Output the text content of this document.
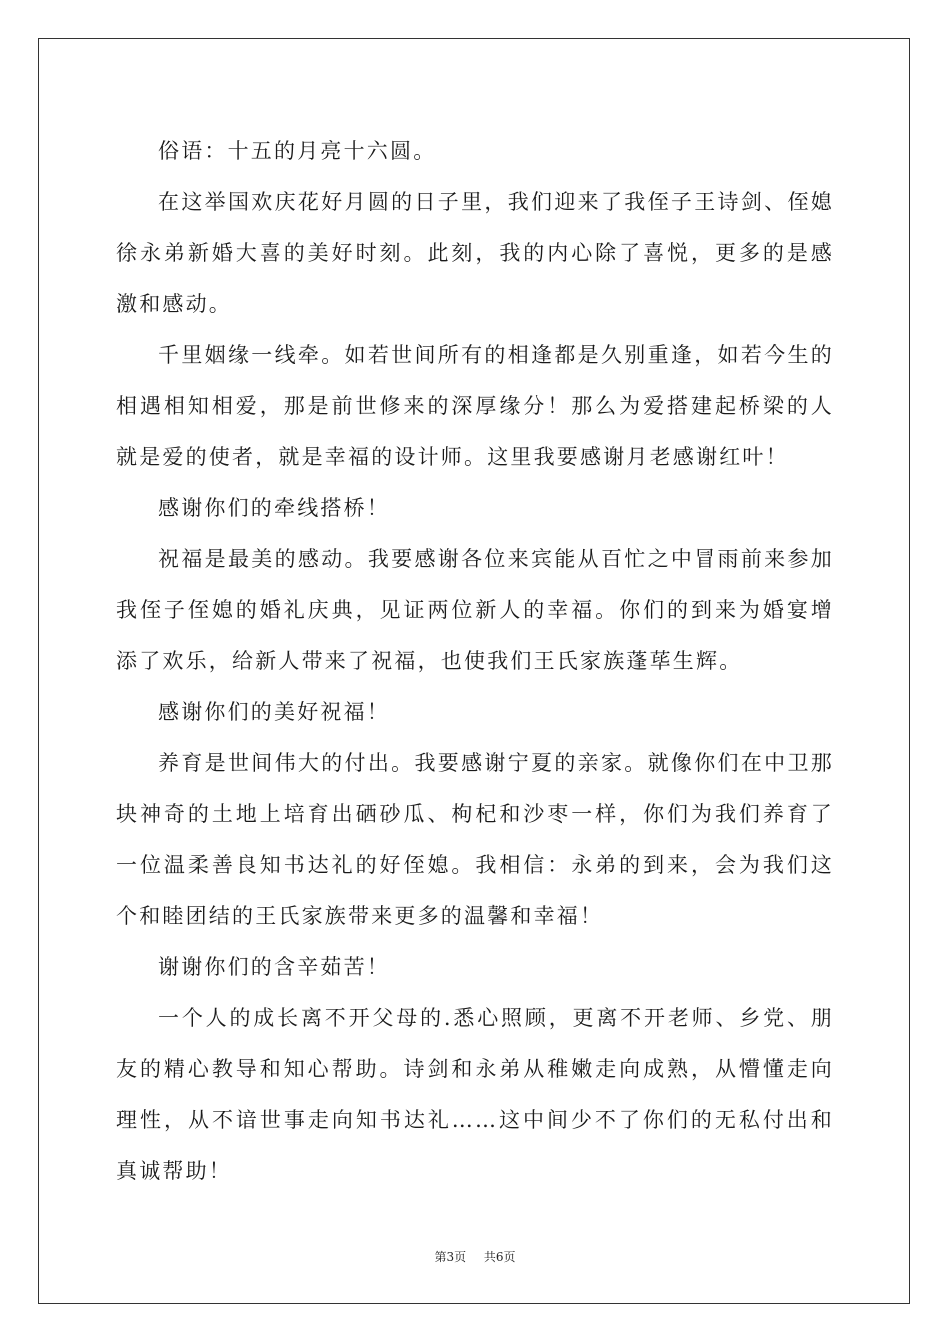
俗语：十五的月亮十六圆。

在这举国欢庆花好月圆的日子里，我们迎来了我侄子王诗剑、侄媳徐永弟新婚大喜的美好时刻。此刻，我的内心除了喜悦，更多的是感激和感动。

千里姻缘一线牵。如若世间所有的相逢都是久别重逢，如若今生的相遇相知相爱，那是前世修来的深厚缘分！那么为爱搭建起桥梁的人就是爱的使者，就是幸福的设计师。这里我要感谢月老感谢红叶！

感谢你们的牵线搭桥！

祝福是最美的感动。我要感谢各位来宾能从百忙之中冒雨前来参加我侄子侄媳的婚礼庆典，见证两位新人的幸福。你们的到来为婚宴增添了欢乐，给新人带来了祝福，也使我们王氏家族蓬荜生辉。

感谢你们的美好祝福！

养育是世间伟大的付出。我要感谢宁夏的亲家。就像你们在中卫那块神奇的土地上培育出硒砂瓜、枸杞和沙枣一样，你们为我们养育了一位温柔善良知书达礼的好侄媳。我相信：永弟的到来，会为我们这个和睦团结的王氏家族带来更多的温馨和幸福！

谢谢你们的含辛茹苦！

一个人的成长离不开父母的.悉心照顾，更离不开老师、乡党、朋友的精心教导和知心帮助。诗剑和永弟从稚嫩走向成熟，从懵懂走向理性，从不谙世事走向知书达礼……这中间少不了你们的无私付出和真诚帮助！

第3页 共6页
